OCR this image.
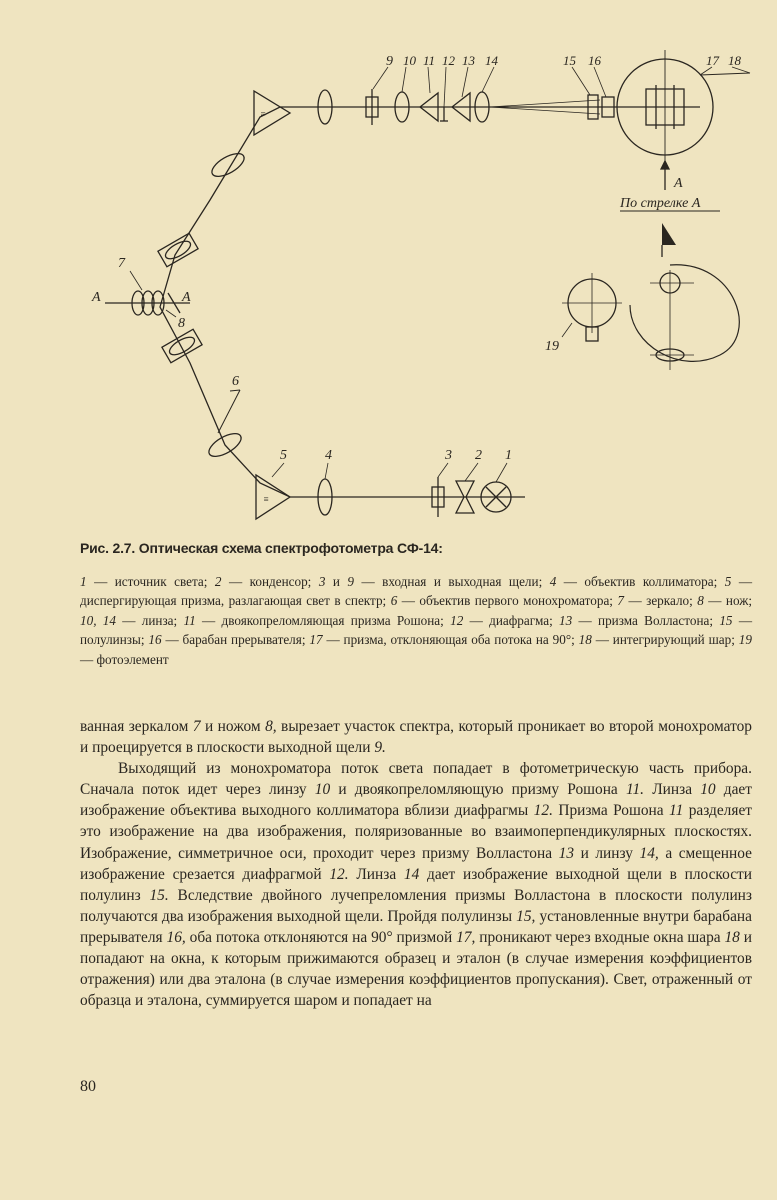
≡
≡
1
2
3
4
5
6
7
8
A	A
9 10 11 12 13 14	15 16	17 18
A
По стрелке А
19
Рис. 2.7. Оптическая схема спектрофотометра СФ-14:
1 — источник света; 2 — конденсор; 3 и 9 — входная и выходная щели; 4 — объектив коллиматора; 5 — диспергирующая призма, разлагающая свет в спектр; 6 — объектив первого монохроматора; 7 — зеркало; 8 — нож; 10, 14 — линза; 11 — двоякопреломляющая призма Рошона; 12 — диафрагма; 13 — призма Волластона; 15 — полулинзы; 16 — барабан прерывателя; 17 — призма, отклоняющая оба потока на 90°; 18 — интегрирующий шар; 19 — фотоэлемент

ванная зеркалом 7 и ножом 8, вырезает участок спектра, который проникает во второй монохроматор и проецируется в плоскости выходной щели 9.

Выходящий из монохроматора поток света попадает в фотометрическую часть прибора. Сначала поток идет через линзу 10 и двоякопреломляющую призму Рошона 11. Линза 10 дает изображение объектива выходного коллиматора вблизи диафрагмы 12. Призма Рошона 11 разделяет это изображение на два изображения, поляризованные во взаимоперпендикулярных плоскостях. Изображение, симметричное оси, проходит через призму Волластона 13 и линзу 14, а смещенное изображение срезается диафрагмой 12. Линза 14 дает изображение выходной щели в плоскости полулинз 15. Вследствие двойного лучепреломления призмы Волластона в плоскости полулинз получаются два изображения выходной щели. Пройдя полулинзы 15, установленные внутри барабана прерывателя 16, оба потока отклоняются на 90° призмой 17, проникают через входные окна шара 18 и попадают на окна, к которым прижимаются образец и эталон (в случае измерения коэффициентов отражения) или два эталона (в случае измерения коэффициентов пропускания). Свет, отраженный от образца и эталона, суммируется шаром и попадает на

80
